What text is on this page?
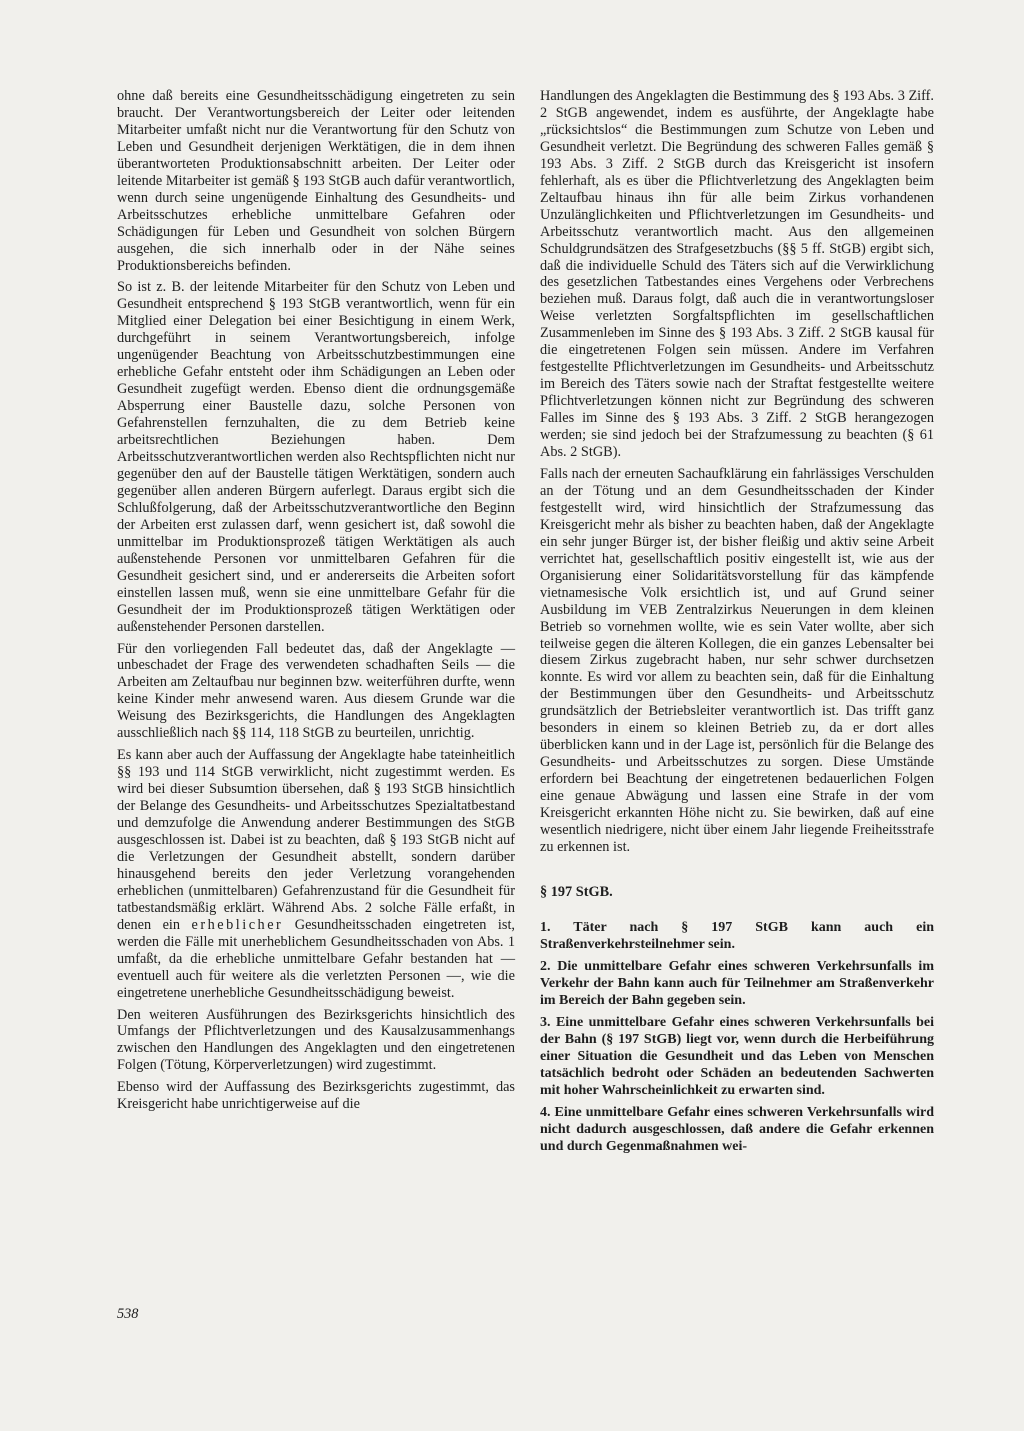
ohne daß bereits eine Gesundheitsschädigung eingetreten zu sein braucht. Der Verantwortungsbereich der Leiter oder leitenden Mitarbeiter umfaßt nicht nur die Verantwortung für den Schutz von Leben und Gesundheit derjenigen Werktätigen, die in dem ihnen überantworteten Produktionsabschnitt arbeiten. Der Leiter oder leitende Mitarbeiter ist gemäß § 193 StGB auch dafür verantwortlich, wenn durch seine ungenügende Einhaltung des Gesundheits- und Arbeitsschutzes erhebliche unmittelbare Gefahren oder Schädigungen für Leben und Gesundheit von solchen Bürgern ausgehen, die sich innerhalb oder in der Nähe seines Produktionsbereichs befinden.

So ist z. B. der leitende Mitarbeiter für den Schutz von Leben und Gesundheit entsprechend § 193 StGB verantwortlich, wenn für ein Mitglied einer Delegation bei einer Besichtigung in einem Werk, durchgeführt in seinem Verantwortungsbereich, infolge ungenügender Beachtung von Arbeitsschutzbestimmungen eine erhebliche Gefahr entsteht oder ihm Schädigungen an Leben oder Gesundheit zugefügt werden. Ebenso dient die ordnungsgemäße Absperrung einer Baustelle dazu, solche Personen von Gefahrenstellen fernzuhalten, die zu dem Betrieb keine arbeitsrechtlichen Beziehungen haben. Dem Arbeitsschutzverantwortlichen werden also Rechtspflichten nicht nur gegenüber den auf der Baustelle tätigen Werktätigen, sondern auch gegenüber allen anderen Bürgern auferlegt. Daraus ergibt sich die Schlußfolgerung, daß der Arbeitsschutzverantwortliche den Beginn der Arbeiten erst zulassen darf, wenn gesichert ist, daß sowohl die unmittelbar im Produktionsprozeß tätigen Werktätigen als auch außenstehende Personen vor unmittelbaren Gefahren für die Gesundheit gesichert sind, und er andererseits die Arbeiten sofort einstellen lassen muß, wenn sie eine unmittelbare Gefahr für die Gesundheit der im Produktionsprozeß tätigen Werktätigen oder außenstehender Personen darstellen.

Für den vorliegenden Fall bedeutet das, daß der Angeklagte — unbeschadet der Frage des verwendeten schadhaften Seils — die Arbeiten am Zeltaufbau nur beginnen bzw. weiterführen durfte, wenn keine Kinder mehr anwesend waren. Aus diesem Grunde war die Weisung des Bezirksgerichts, die Handlungen des Angeklagten ausschließlich nach §§ 114, 118 StGB zu beurteilen, unrichtig.

Es kann aber auch der Auffassung der Angeklagte habe tateinheitlich §§ 193 und 114 StGB verwirklicht, nicht zugestimmt werden. Es wird bei dieser Subsumtion übersehen, daß § 193 StGB hinsichtlich der Belange des Gesundheits- und Arbeitsschutzes Spezialtatbestand und demzufolge die Anwendung anderer Bestimmungen des StGB ausgeschlossen ist. Dabei ist zu beachten, daß § 193 StGB nicht auf die Verletzungen der Gesundheit abstellt, sondern darüber hinausgehend bereits den jeder Verletzung vorangehenden erheblichen (unmittelbaren) Gefahrenzustand für die Gesundheit für tatbestandsmäßig erklärt. Während Abs. 2 solche Fälle erfaßt, in denen ein erheblicher Gesundheitsschaden eingetreten ist, werden die Fälle mit unerheblichem Gesundheitsschaden von Abs. 1 umfaßt, da die erhebliche unmittelbare Gefahr bestanden hat — eventuell auch für weitere als die verletzten Personen —, wie die eingetretene unerhebliche Gesundheitsschädigung beweist.

Den weiteren Ausführungen des Bezirksgerichts hinsichtlich des Umfangs der Pflichtverletzungen und des Kausalzusammenhangs zwischen den Handlungen des Angeklagten und den eingetretenen Folgen (Tötung, Körperverletzungen) wird zugestimmt.

Ebenso wird der Auffassung des Bezirksgerichts zugestimmt, das Kreisgericht habe unrichtigerweise auf die

Handlungen des Angeklagten die Bestimmung des § 193 Abs. 3 Ziff. 2 StGB angewendet, indem es ausführte, der Angeklagte habe „rücksichtslos“ die Bestimmungen zum Schutze von Leben und Gesundheit verletzt. Die Begründung des schweren Falles gemäß § 193 Abs. 3 Ziff. 2 StGB durch das Kreisgericht ist insofern fehlerhaft, als es über die Pflichtverletzung des Angeklagten beim Zeltaufbau hinaus ihn für alle beim Zirkus vorhandenen Unzulänglichkeiten und Pflichtverletzungen im Gesundheits- und Arbeitsschutz verantwortlich macht. Aus den allgemeinen Schuldgrundsätzen des Strafgesetzbuchs (§§ 5 ff. StGB) ergibt sich, daß die individuelle Schuld des Täters sich auf die Verwirklichung des gesetzlichen Tatbestandes eines Vergehens oder Verbrechens beziehen muß. Daraus folgt, daß auch die in verantwortungsloser Weise verletzten Sorgfaltspflichten im gesellschaftlichen Zusammenleben im Sinne des § 193 Abs. 3 Ziff. 2 StGB kausal für die eingetretenen Folgen sein müssen. Andere im Verfahren festgestellte Pflichtverletzungen im Gesundheits- und Arbeitsschutz im Bereich des Täters sowie nach der Straftat festgestellte weitere Pflichtverletzungen können nicht zur Begründung des schweren Falles im Sinne des § 193 Abs. 3 Ziff. 2 StGB herangezogen werden; sie sind jedoch bei der Strafzumessung zu beachten (§ 61 Abs. 2 StGB).

Falls nach der erneuten Sachaufklärung ein fahrlässiges Verschulden an der Tötung und an dem Gesundheitsschaden der Kinder festgestellt wird, wird hinsichtlich der Strafzumessung das Kreisgericht mehr als bisher zu beachten haben, daß der Angeklagte ein sehr junger Bürger ist, der bisher fleißig und aktiv seine Arbeit verrichtet hat, gesellschaftlich positiv eingestellt ist, wie aus der Organisierung einer Solidaritätsvorstellung für das kämpfende vietnamesische Volk ersichtlich ist, und auf Grund seiner Ausbildung im VEB Zentralzirkus Neuerungen in dem kleinen Betrieb so vornehmen wollte, wie es sein Vater wollte, aber sich teilweise gegen die älteren Kollegen, die ein ganzes Lebensalter bei diesem Zirkus zugebracht haben, nur sehr schwer durchsetzen konnte. Es wird vor allem zu beachten sein, daß für die Einhaltung der Bestimmungen über den Gesundheits- und Arbeitsschutz grundsätzlich der Betriebsleiter verantwortlich ist. Das trifft ganz besonders in einem so kleinen Betrieb zu, da er dort alles überblicken kann und in der Lage ist, persönlich für die Belange des Gesundheits- und Arbeitsschutzes zu sorgen. Diese Umstände erfordern bei Beachtung der eingetretenen bedauerlichen Folgen eine genaue Abwägung und lassen eine Strafe in der vom Kreisgericht erkannten Höhe nicht zu. Sie bewirken, daß auf eine wesentlich niedrigere, nicht über einem Jahr liegende Freiheitsstrafe zu erkennen ist.

§ 197 StGB.

1. Täter nach § 197 StGB kann auch ein Straßenverkehrsteilnehmer sein.

2. Die unmittelbare Gefahr eines schweren Verkehrsunfalls im Verkehr der Bahn kann auch für Teilnehmer am Straßenverkehr im Bereich der Bahn gegeben sein.

3. Eine unmittelbare Gefahr eines schweren Verkehrsunfalls bei der Bahn (§ 197 StGB) liegt vor, wenn durch die Herbeiführung einer Situation die Gesundheit und das Leben von Menschen tatsächlich bedroht oder Schäden an bedeutenden Sachwerten mit hoher Wahrscheinlichkeit zu erwarten sind.

4. Eine unmittelbare Gefahr eines schweren Verkehrsunfalls wird nicht dadurch ausgeschlossen, daß andere die Gefahr erkennen und durch Gegenmaßnahmen wei-

538
